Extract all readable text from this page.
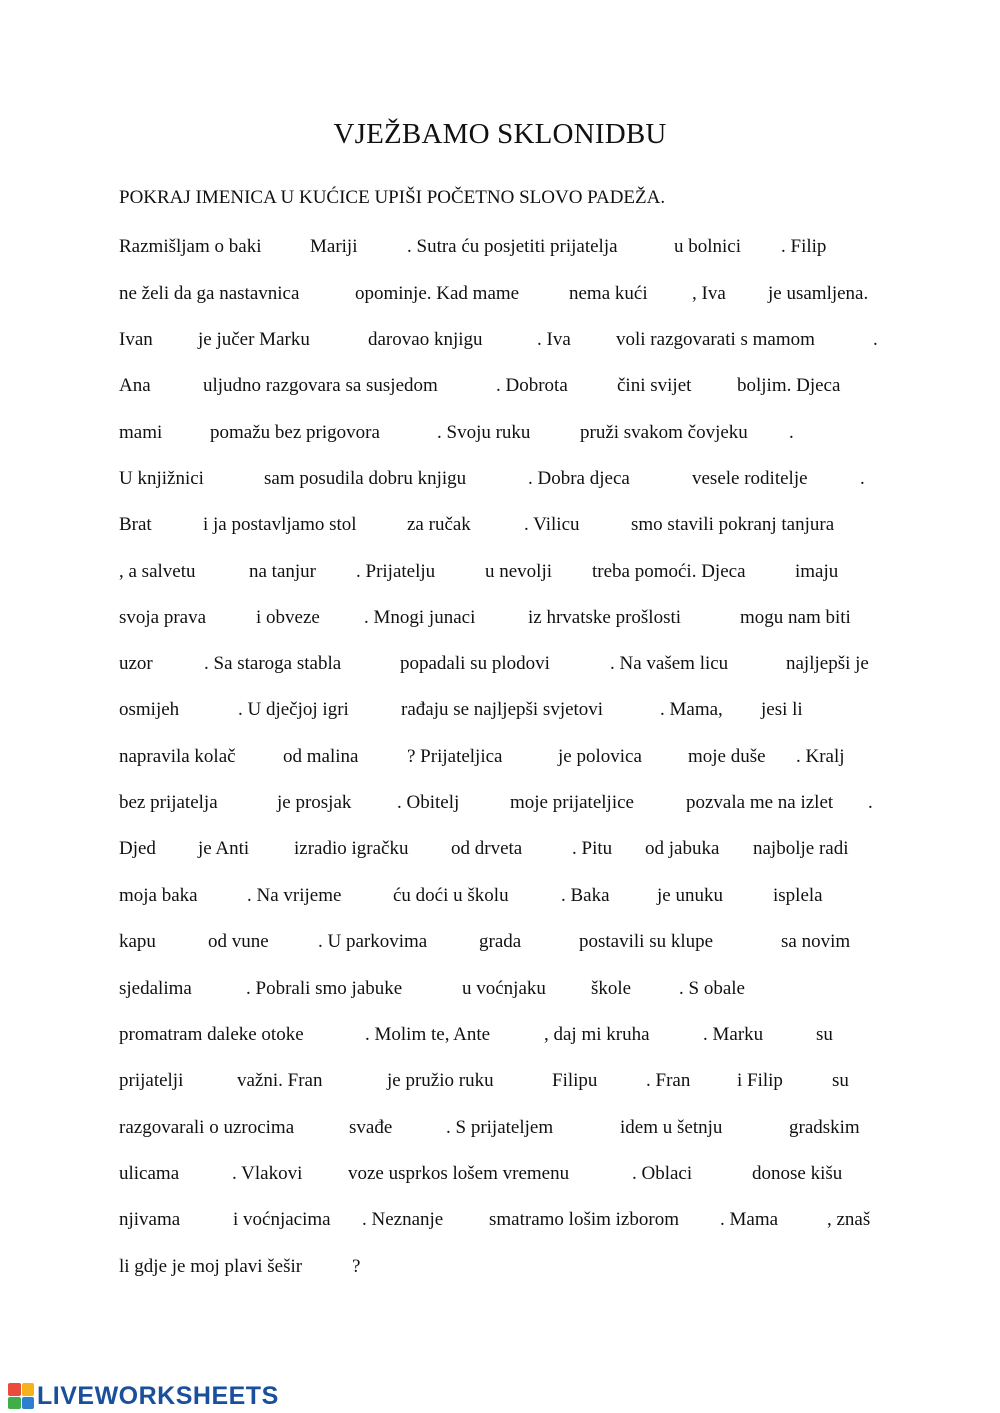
VJEŽBAMO SKLONIDBU
POKRAJ IMENICA U KUĆICE UPIŠI POČETNO SLOVO PADEŽA.
Razmišljam o baki	Mariji	. Sutra ću posjetiti prijatelja	u bolnici . Filip
ne želi da ga nastavnica	opominje. Kad mame	nema kući , Iva je usamljena.
Ivan je jučer Marku	darovao knjigu	. Iva voli razgovarati s mamom	.
Ana	uljudno razgovara sa susjedom	. Dobrota	čini svijet boljim. Djeca
mami	pomažu bez prigovora	. Svoju ruku	pruži svakom čovjeku .
U knjižnici	sam posudila dobru knjigu	. Dobra djeca	vesele roditelje	.
Brat	i ja postavljamo stol	za ručak	. Vilicu	smo stavili pokranj tanjura
, a salvetu	na tanjur . Prijatelju	u nevolji treba pomoći. Djeca	imaju
svoja prava	i obveze . Mnogi junaci	iz hrvatske prošlosti	mogu nam biti
uzor	. Sa staroga stabla	popadali su plodovi	. Na vašem licu	najljepši je
osmijeh	. U dječjoj igri	rađaju se najljepši svjetovi	. Mama, jesi li
napravila kolač od malina	? Prijateljica	je polovica moje duše . Kralj
bez prijatelja	je prosjak . Obitelj	moje prijateljice	pozvala me na izlet .
Djed je Anti izradio igračku od drveta	. Pitu od jabuka najbolje radi
moja baka	. Na vrijeme	ću doći u školu	. Baka je unuku	isplela
kapu	od vune	. U parkovima	grada	postavili su klupe	sa novim
sjedalima	. Pobrali smo jabuke	u voćnjaku škole	. S obale
promatram daleke otoke	. Molim te, Ante	, daj mi kruha	. Marku	su
prijatelji	važni. Fran	je pružio ruku	Filipu	. Fran i Filip	su
razgovarali o uzrocima	svađe	. S prijateljem	idem u šetnju	gradskim
ulicama	. Vlakovi voze usprkos lošem vremenu	. Oblaci	donose kišu
njivama	i voćnjacima . Neznanje smatramo lošim izborom . Mama	, znaš
li gdje je moj plavi šešir	?
LIVEWORKSHEETS
